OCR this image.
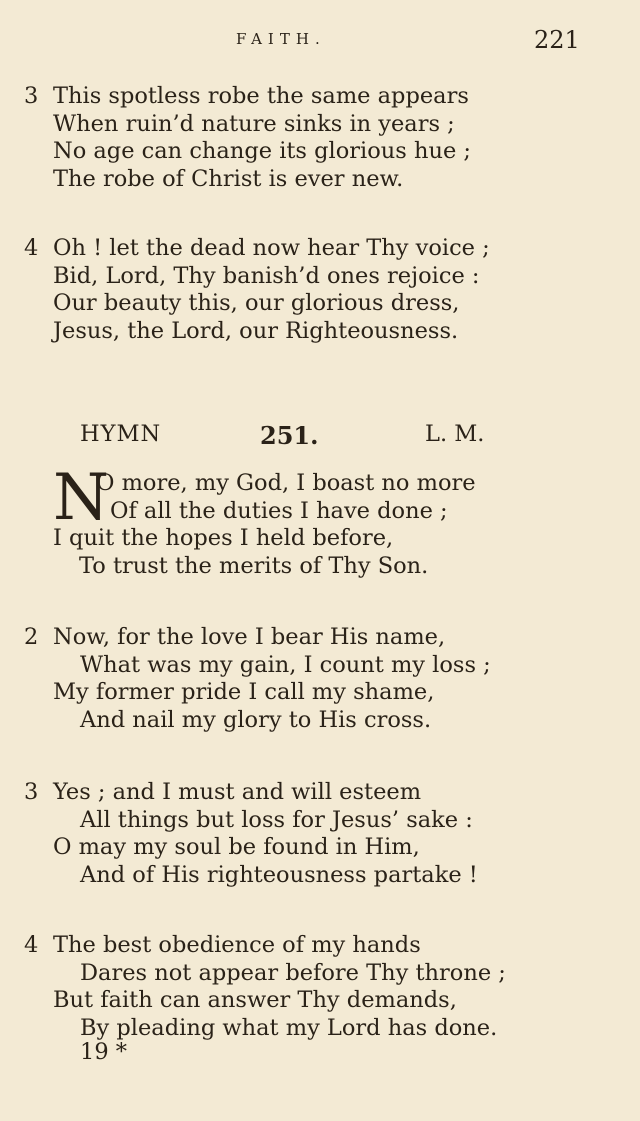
FAITH.	221
3 This spotless robe the same appears
When ruin’d nature sinks in years ;
No age can change its glorious hue ;
The robe of Christ is ever new.
4 Oh ! let the dead now hear Thy voice ;
Bid, Lord, Thy banish’d ones rejoice :
Our beauty this, our glorious dress,
Jesus, the Lord, our Righteousness.
HYMN	251.	L. M.
N
O more, my God, I boast no more
Of all the duties I have done ;
I quit the hopes I held before,
To trust the merits of Thy Son.
2 Now, for the love I bear His name,
What was my gain, I count my loss ;
My former pride I call my shame,
And nail my glory to His cross.
3 Yes ; and I must and will esteem
All things but loss for Jesus’ sake :
O may my soul be found in Him,
And of His righteousness partake !
4 The best obedience of my hands
Dares not appear before Thy throne ;
But faith can answer Thy demands,
By pleading what my Lord has done.
19 *
